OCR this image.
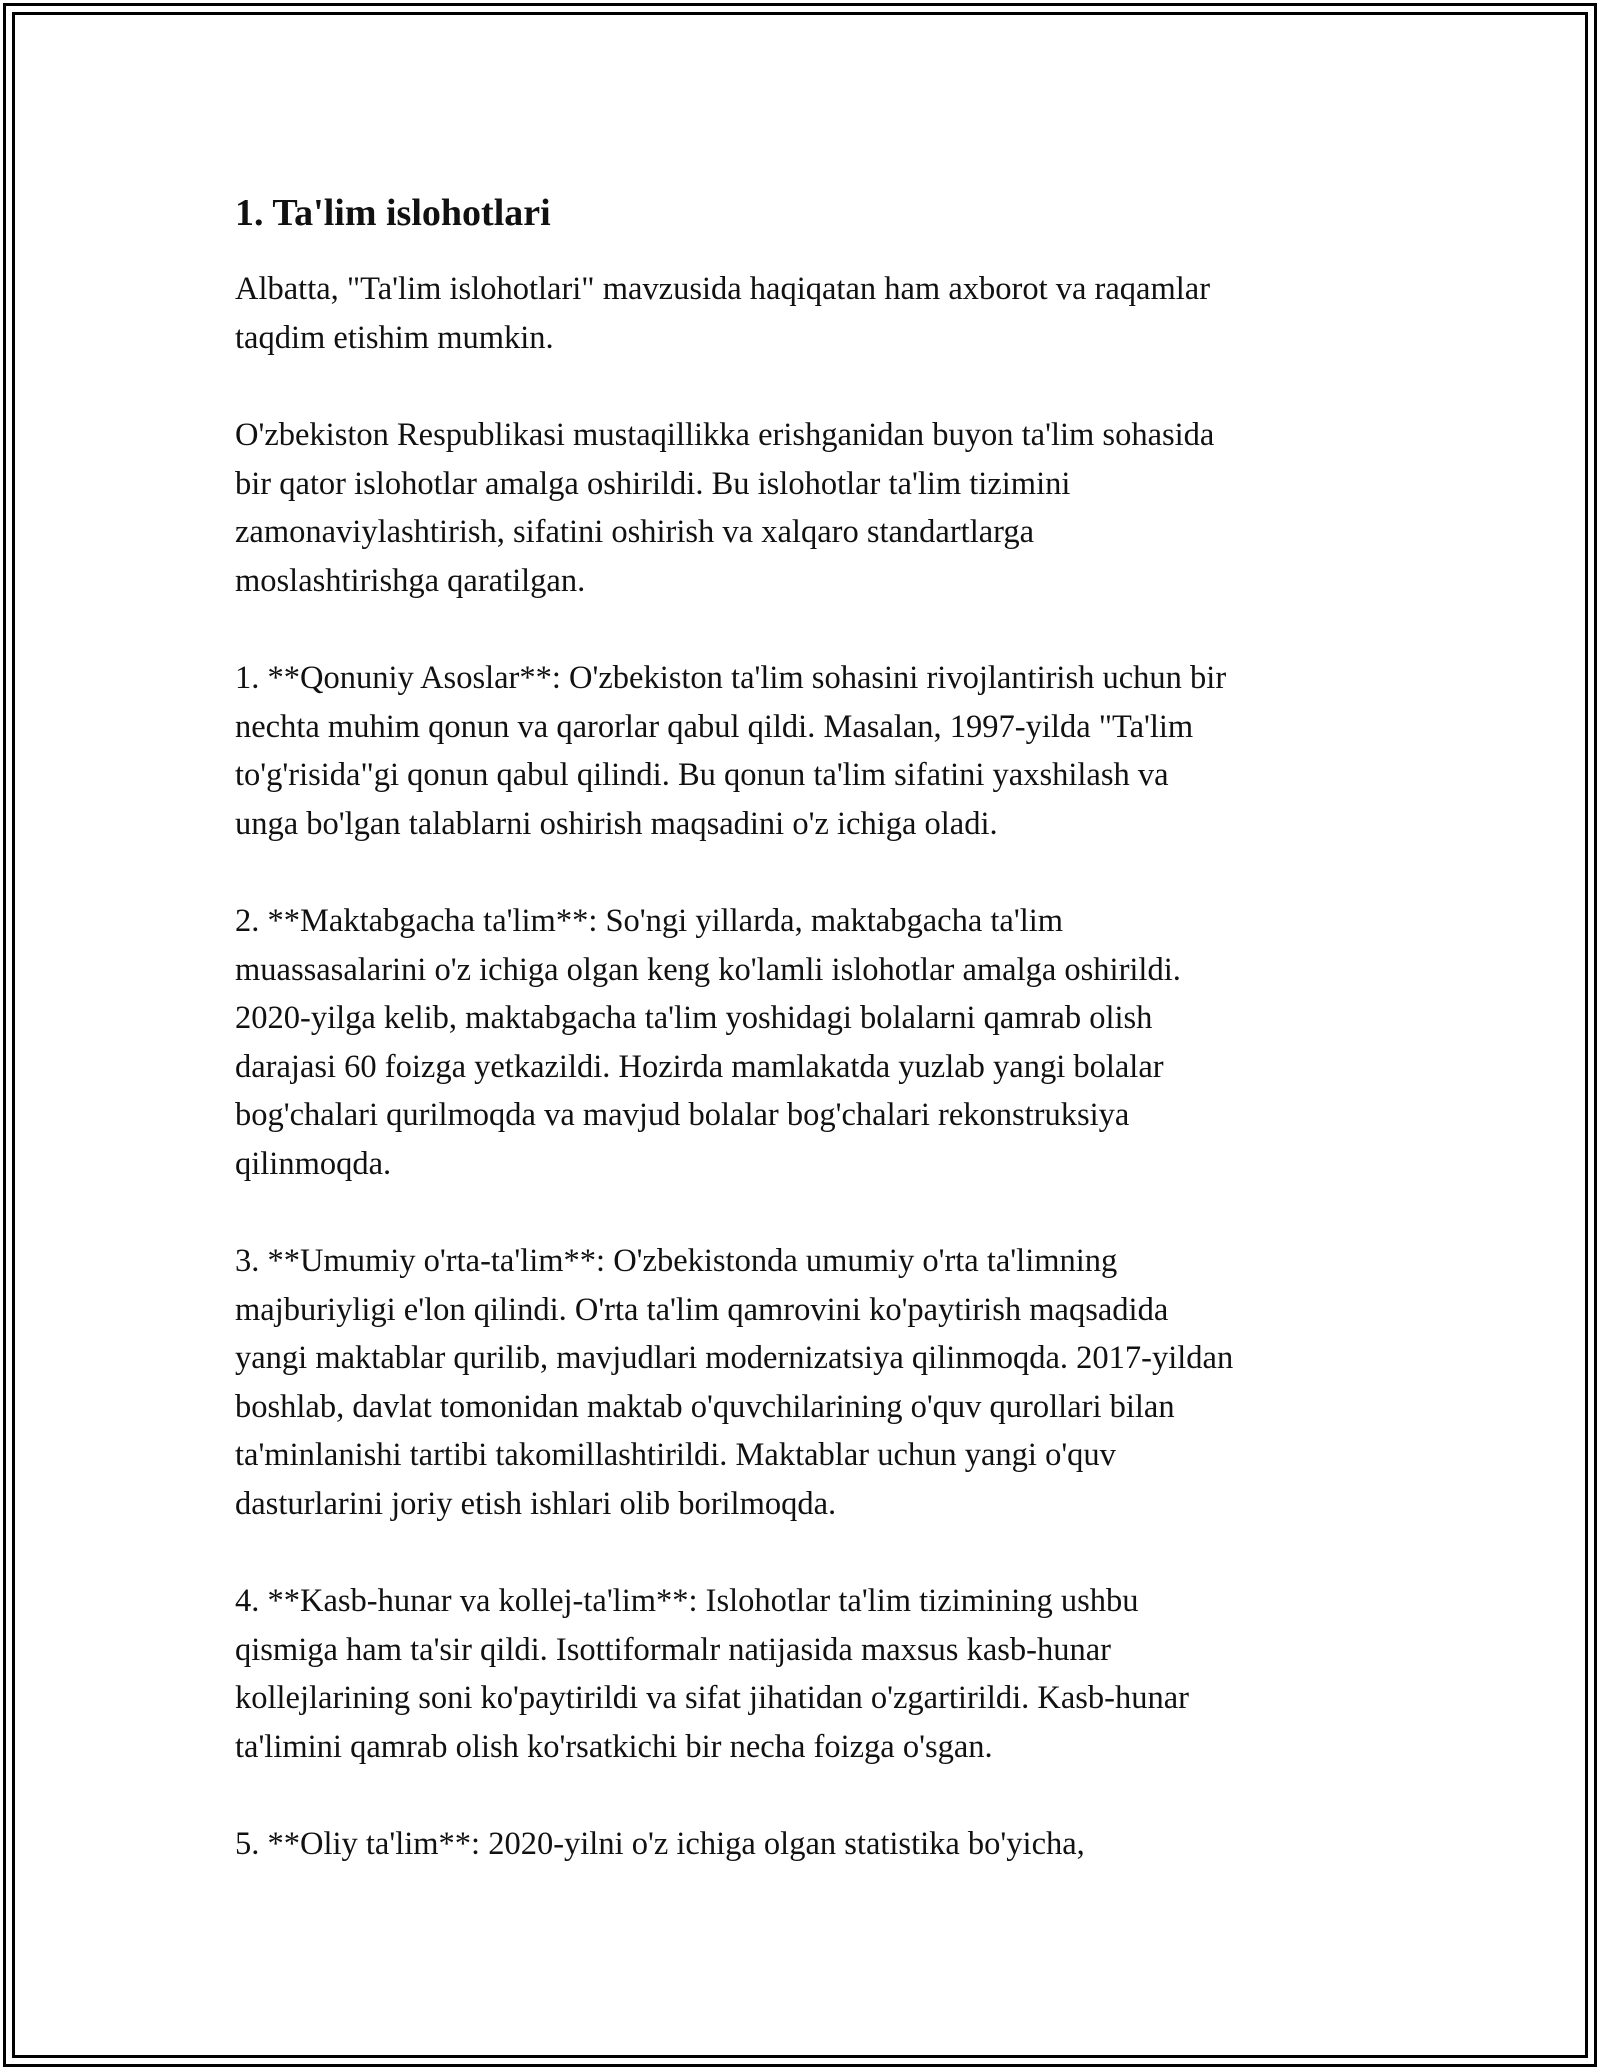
1. Ta'lim islohotlari

Albatta, "Ta'lim islohotlari" mavzusida haqiqatan ham axborot va raqamlar
taqdim etishim mumkin.

O'zbekiston Respublikasi mustaqillikka erishganidan buyon ta'lim sohasida
bir qator islohotlar amalga oshirildi. Bu islohotlar ta'lim tizimini
zamonaviylashtirish, sifatini oshirish va xalqaro standartlarga
moslashtirishga qaratilgan.

1. **Qonuniy Asoslar**: O'zbekiston ta'lim sohasini rivojlantirish uchun bir
nechta muhim qonun va qarorlar qabul qildi. Masalan, 1997-yilda "Ta'lim
to'g'risida"gi qonun qabul qilindi. Bu qonun ta'lim sifatini yaxshilash va
unga bo'lgan talablarni oshirish maqsadini o'z ichiga oladi.

2. **Maktabgacha ta'lim**: So'ngi yillarda, maktabgacha ta'lim
muassasalarini o'z ichiga olgan keng ko'lamli islohotlar amalga oshirildi.
2020-yilga kelib, maktabgacha ta'lim yoshidagi bolalarni qamrab olish
darajasi 60 foizga yetkazildi. Hozirda mamlakatda yuzlab yangi bolalar
bog'chalari qurilmoqda va mavjud bolalar bog'chalari rekonstruksiya
qilinmoqda.

3. **Umumiy o'rta-ta'lim**: O'zbekistonda umumiy o'rta ta'limning
majburiyligi e'lon qilindi. O'rta ta'lim qamrovini ko'paytirish maqsadida
yangi maktablar qurilib, mavjudlari modernizatsiya qilinmoqda. 2017-yildan
boshlab, davlat tomonidan maktab o'quvchilarining o'quv qurollari bilan
ta'minlanishi tartibi takomillashtirildi. Maktablar uchun yangi o'quv
dasturlarini joriy etish ishlari olib borilmoqda.

4. **Kasb-hunar va kollej-ta'lim**: Islohotlar ta'lim tizimining ushbu
qismiga ham ta'sir qildi. Isottiformalr natijasida maxsus kasb-hunar
kollejlarining soni ko'paytirildi va sifat jihatidan o'zgartirildi. Kasb-hunar
ta'limini qamrab olish ko'rsatkichi bir necha foizga o'sgan.

5. **Oliy ta'lim**: 2020-yilni o'z ichiga olgan statistika bo'yicha,
